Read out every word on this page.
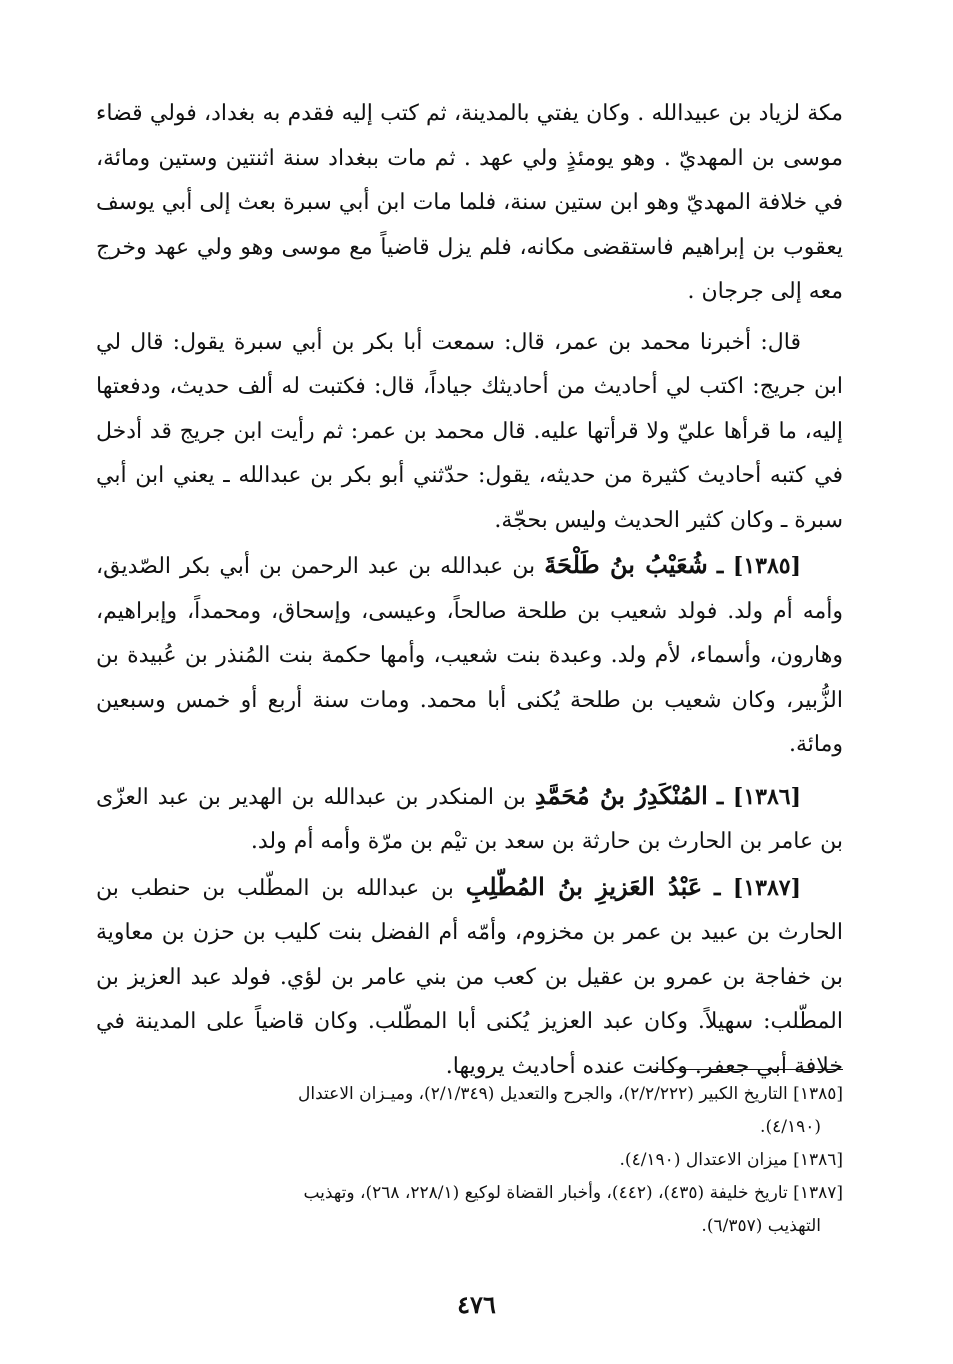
مكة لزياد بن عبيدالله . وكان يفتي بالمدينة، ثم كتب إليه فقدم به بغداد، فولي قضاء موسى بن المهديّ . وهو يومئذٍ ولي عهد . ثم مات ببغداد سنة اثنتين وستين ومائة، في خلافة المهديّ وهو ابن ستين سنة، فلما مات ابن أبي سبرة بعث إلى أبي يوسف يعقوب بن إبراهيم فاستقضى مكانه، فلم يزل قاضياً مع موسى وهو ولي عهد وخرج معه إلى جرجان .

قال: أخبرنا محمد بن عمر، قال: سمعت أبا بكر بن أبي سبرة يقول: قال لي ابن جريج: اكتب لي أحاديث من أحاديثك جياداً، قال: فكتبت له ألف حديث، ودفعتها إليه، ما قرأها عليّ ولا قرأتها عليه. قال محمد بن عمر: ثم رأيت ابن جريج قد أدخل في كتبه أحاديث كثيرة من حديثه، يقول: حدّثني أبو بكر بن عبدالله ـ يعني ابن أبي سبرة ـ وكان كثير الحديث وليس بحجّة.

[١٣٨٥] ـ شُعَيْبُ بنُ طَلْحَةَ بن عبدالله بن عبد الرحمن بن أبي بكر الصّديق، وأمه أم ولد. فولد شعيب بن طلحة صالحاً، وعيسى، وإسحاق، ومحمداً، وإبراهيم، وهارون، وأسماء، لأم ولد. وعبدة بنت شعيب، وأمها حكمة بنت المُنذر بن عُبيدة بن الزُّبير، وكان شعيب بن طلحة يُكنى أبا محمد. ومات سنة أربع أو خمس وسبعين ومائة.

[١٣٨٦] ـ المُنْكَدِرُ بنُ مُحَمَّدِ بن المنكدر بن عبدالله بن الهدير بن عبد العزّى بن عامر بن الحارث بن حارثة بن سعد بن تيْم بن مرّة وأمه أم ولد.

[١٣٨٧] ـ عَبْدُ العَزيزِ بنُ المُطّلِبِ بن عبدالله بن المطّلب بن حنطب بن الحارث بن عبيد بن عمر بن مخزوم، وأمّه أم الفضل بنت كليب بن حزن بن معاوية بن خفاجة بن عمرو بن عقيل بن كعب من بني عامر بن لؤي. فولد عبد العزيز بن المطّلب: سهيلاً. وكان عبد العزيز يُكنى أبا المطّلب. وكان قاضياً على المدينة في خلافة أبي جعفر. وكانت عنده أحاديث يرويها.

[١٣٨٥] التاريخ الكبير (٢/٢/٢٢٢)، والجرح والتعديل (٢/١/٣٤٩)، وميـزان الاعتدال

(٤/١٩٠).

[١٣٨٦] ميزان الاعتدال (٤/١٩٠).

[١٣٨٧] تاريخ خليفة (٤٣٥)، (٤٤٢)، وأخبار القضاة لوكيع (٢٢٨/١، ٢٦٨)، وتهذيب

التهذيب (٦/٣٥٧).

٤٧٦
